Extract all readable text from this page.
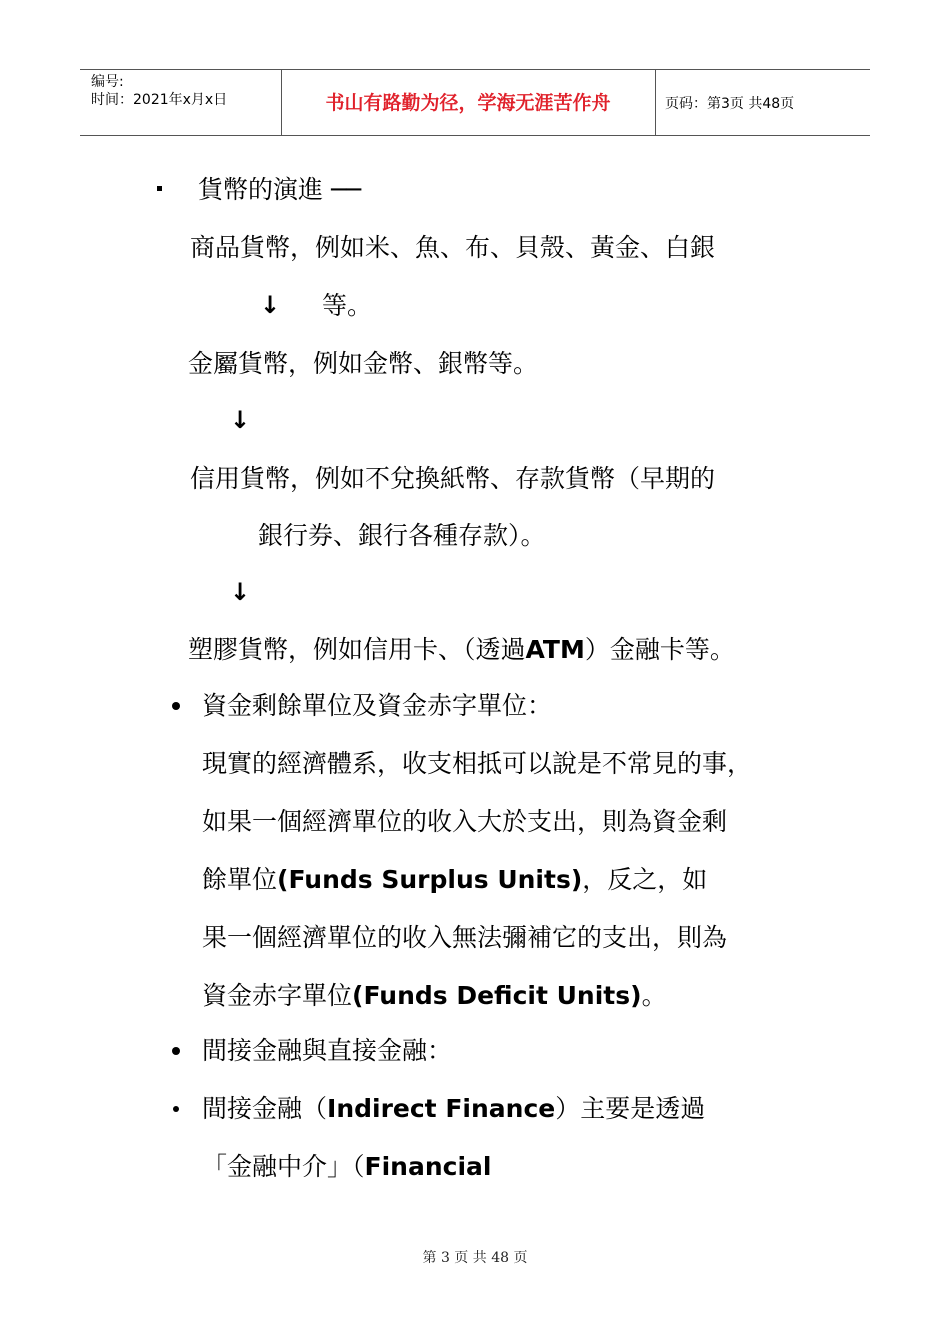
编号:
时间：2021年x月x日	书山有路勤为径，学海无涯苦作舟	页码：第3页 共48页
貨幣的演進 ──
商品貨幣，例如米、魚、布、貝殼、黃金、白銀
↓ 等。
金屬貨幣，例如金幣、銀幣等。
↓
信用貨幣，例如不兌換紙幣、存款貨幣（早期的
銀行券、銀行各種存款）。
↓
塑膠貨幣，例如信用卡、（透過ATM）金融卡等。
資金剩餘單位及資金赤字單位：
現實的經濟體系，收支相抵可以說是不常見的事，
如果一個經濟單位的收入大於支出，則為資金剩
餘單位(Funds Surplus Units)，反之，如
果一個經濟單位的收入無法彌補它的支出，則為
資金赤字單位(Funds Deficit Units)。
間接金融與直接金融：
間接金融（Indirect Finance）主要是透過
「金融中介」（Financial
第 3 页 共 48 页
